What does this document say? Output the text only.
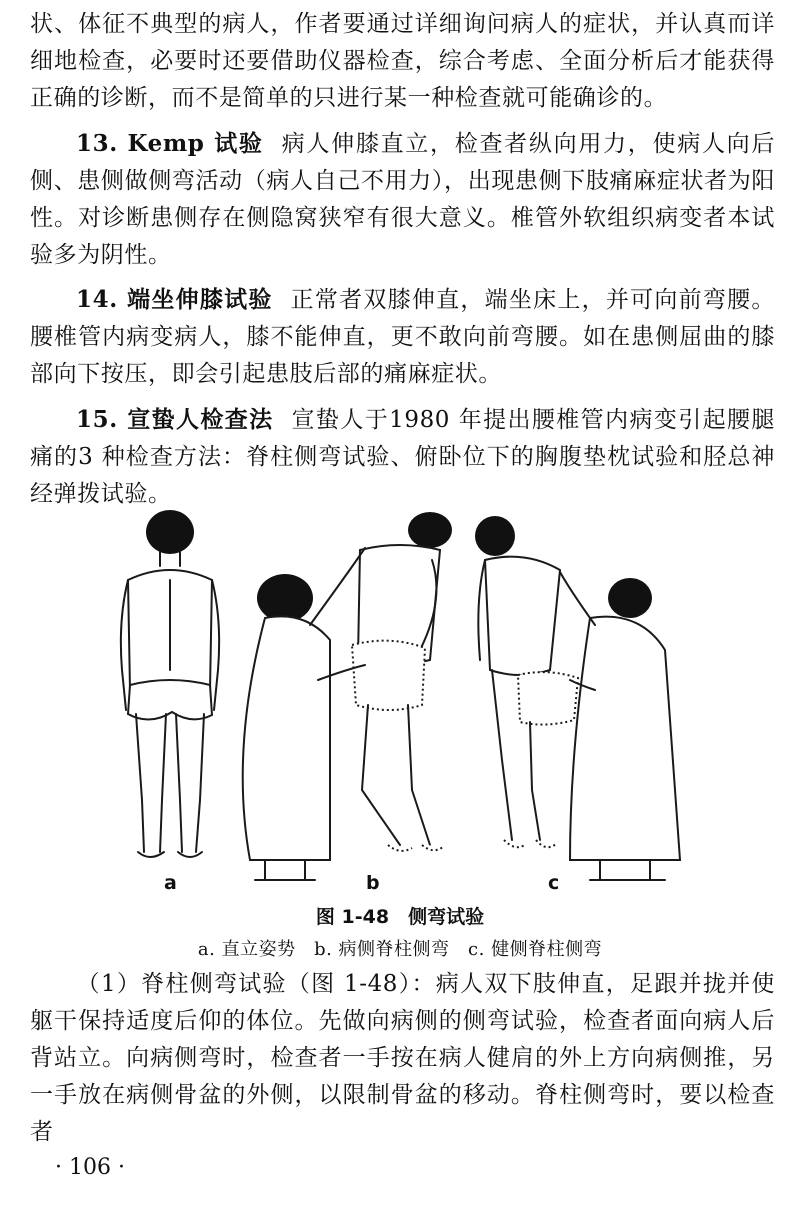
状、体征不典型的病人，作者要通过详细询问病人的症状，并认真而详细地检查，必要时还要借助仪器检查，综合考虑、全面分析后才能获得正确的诊断，而不是简单的只进行某一种检查就可能确诊的。

13. Kemp 试验 病人伸膝直立，检查者纵向用力，使病人向后侧、患侧做侧弯活动（病人自己不用力），出现患侧下肢痛麻症状者为阳性。对诊断患侧存在侧隐窝狭窄有很大意义。椎管外软组织病变者本试验多为阴性。

14. 端坐伸膝试验 正常者双膝伸直，端坐床上，并可向前弯腰。腰椎管内病变病人，膝不能伸直，更不敢向前弯腰。如在患侧屈曲的膝部向下按压，即会引起患肢后部的痛麻症状。

15. 宣蛰人检查法 宣蛰人于1980 年提出腰椎管内病变引起腰腿痛的3 种检查方法：脊柱侧弯试验、俯卧位下的胸腹垫枕试验和胫总神经弹拨试验。

a	b	c
图 1-48　侧弯试验
a. 直立姿势　b. 病侧脊柱侧弯　c. 健侧脊柱侧弯

（1）脊柱侧弯试验（图 1-48）：病人双下肢伸直，足跟并拢并使躯干保持适度后仰的体位。先做向病侧的侧弯试验，检查者面向病人后背站立。向病侧弯时，检查者一手按在病人健肩的外上方向病侧推，另一手放在病侧骨盆的外侧，以限制骨盆的移动。脊柱侧弯时，要以检查者

· 106 ·
